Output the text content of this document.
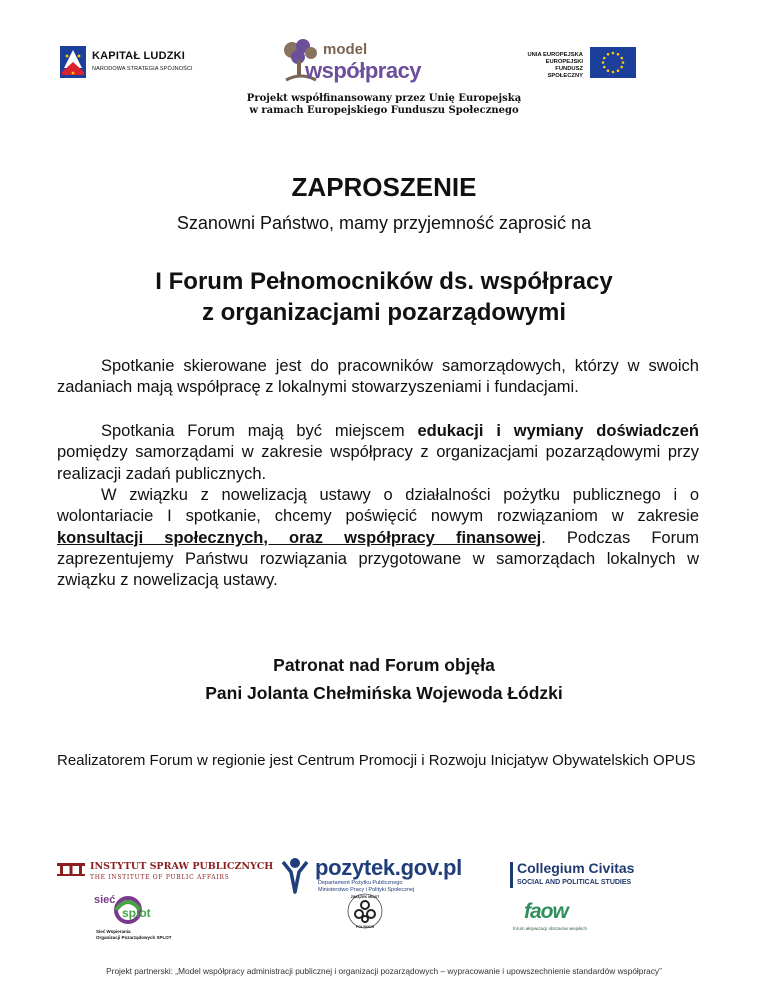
KAPITAŁ LUDZKI
NARODOWA STRATEGIA SPÓJNOŚCI
model
współpracy
UNIA EUROPEJSKA
EUROPEJSKI
FUNDUSZ SPOŁECZNY
Projekt współfinansowany przez Unię Europejską
w ramach Europejskiego Funduszu Społecznego
ZAPROSZENIE
Szanowni Państwo, mamy przyjemność zaprosić na
I Forum Pełnomocników ds. współpracy
z organizacjami pozarządowymi
Spotkanie skierowane jest do pracowników samorządowych, którzy w swoich zadaniach mają współpracę z lokalnymi stowarzyszeniami i fundacjami.
Spotkania Forum mają być miejscem edukacji i wymiany doświadczeń pomiędzy samorządami w zakresie współpracy z organizacjami pozarządowymi przy realizacji zadań publicznych.
W związku z nowelizacją ustawy o działalności pożytku publicznego i o wolontariacie I spotkanie, chcemy poświęcić nowym rozwiązaniom w zakresie konsultacji społecznych, oraz współpracy finansowej. Podczas Forum zaprezentujemy Państwu rozwiązania przygotowane w samorządach lokalnych w związku z nowelizacją ustawy.
Patronat nad Forum objęła
Pani Jolanta Chełmińska Wojewoda Łódzki
Realizatorem Forum w regionie jest Centrum Promocji i Rozwoju Inicjatyw Obywatelskich OPUS
INSTYTUT SPRAW PUBLICZNYCH
THE INSTITUTE OF PUBLIC AFFAIRS
sieć
splot
Sieć Wspierania
Organizacji Pozarządowych SPLOT
pozytek.gov.pl
Departament Pożytku Publicznego
Ministerstwo Pracy i Polityki Społecznej
ZWIĄZEK MIAST
POLSKICH
Collegium Civitas
SOCIAL AND POLITICAL STUDIES
faow
forum aktywizacji obszarów wiejskich
Projekt partnerski: „Model współpracy administracji publicznej i organizacji pozarządowych – wypracowanie i upowszechnienie standardów współpracy”
